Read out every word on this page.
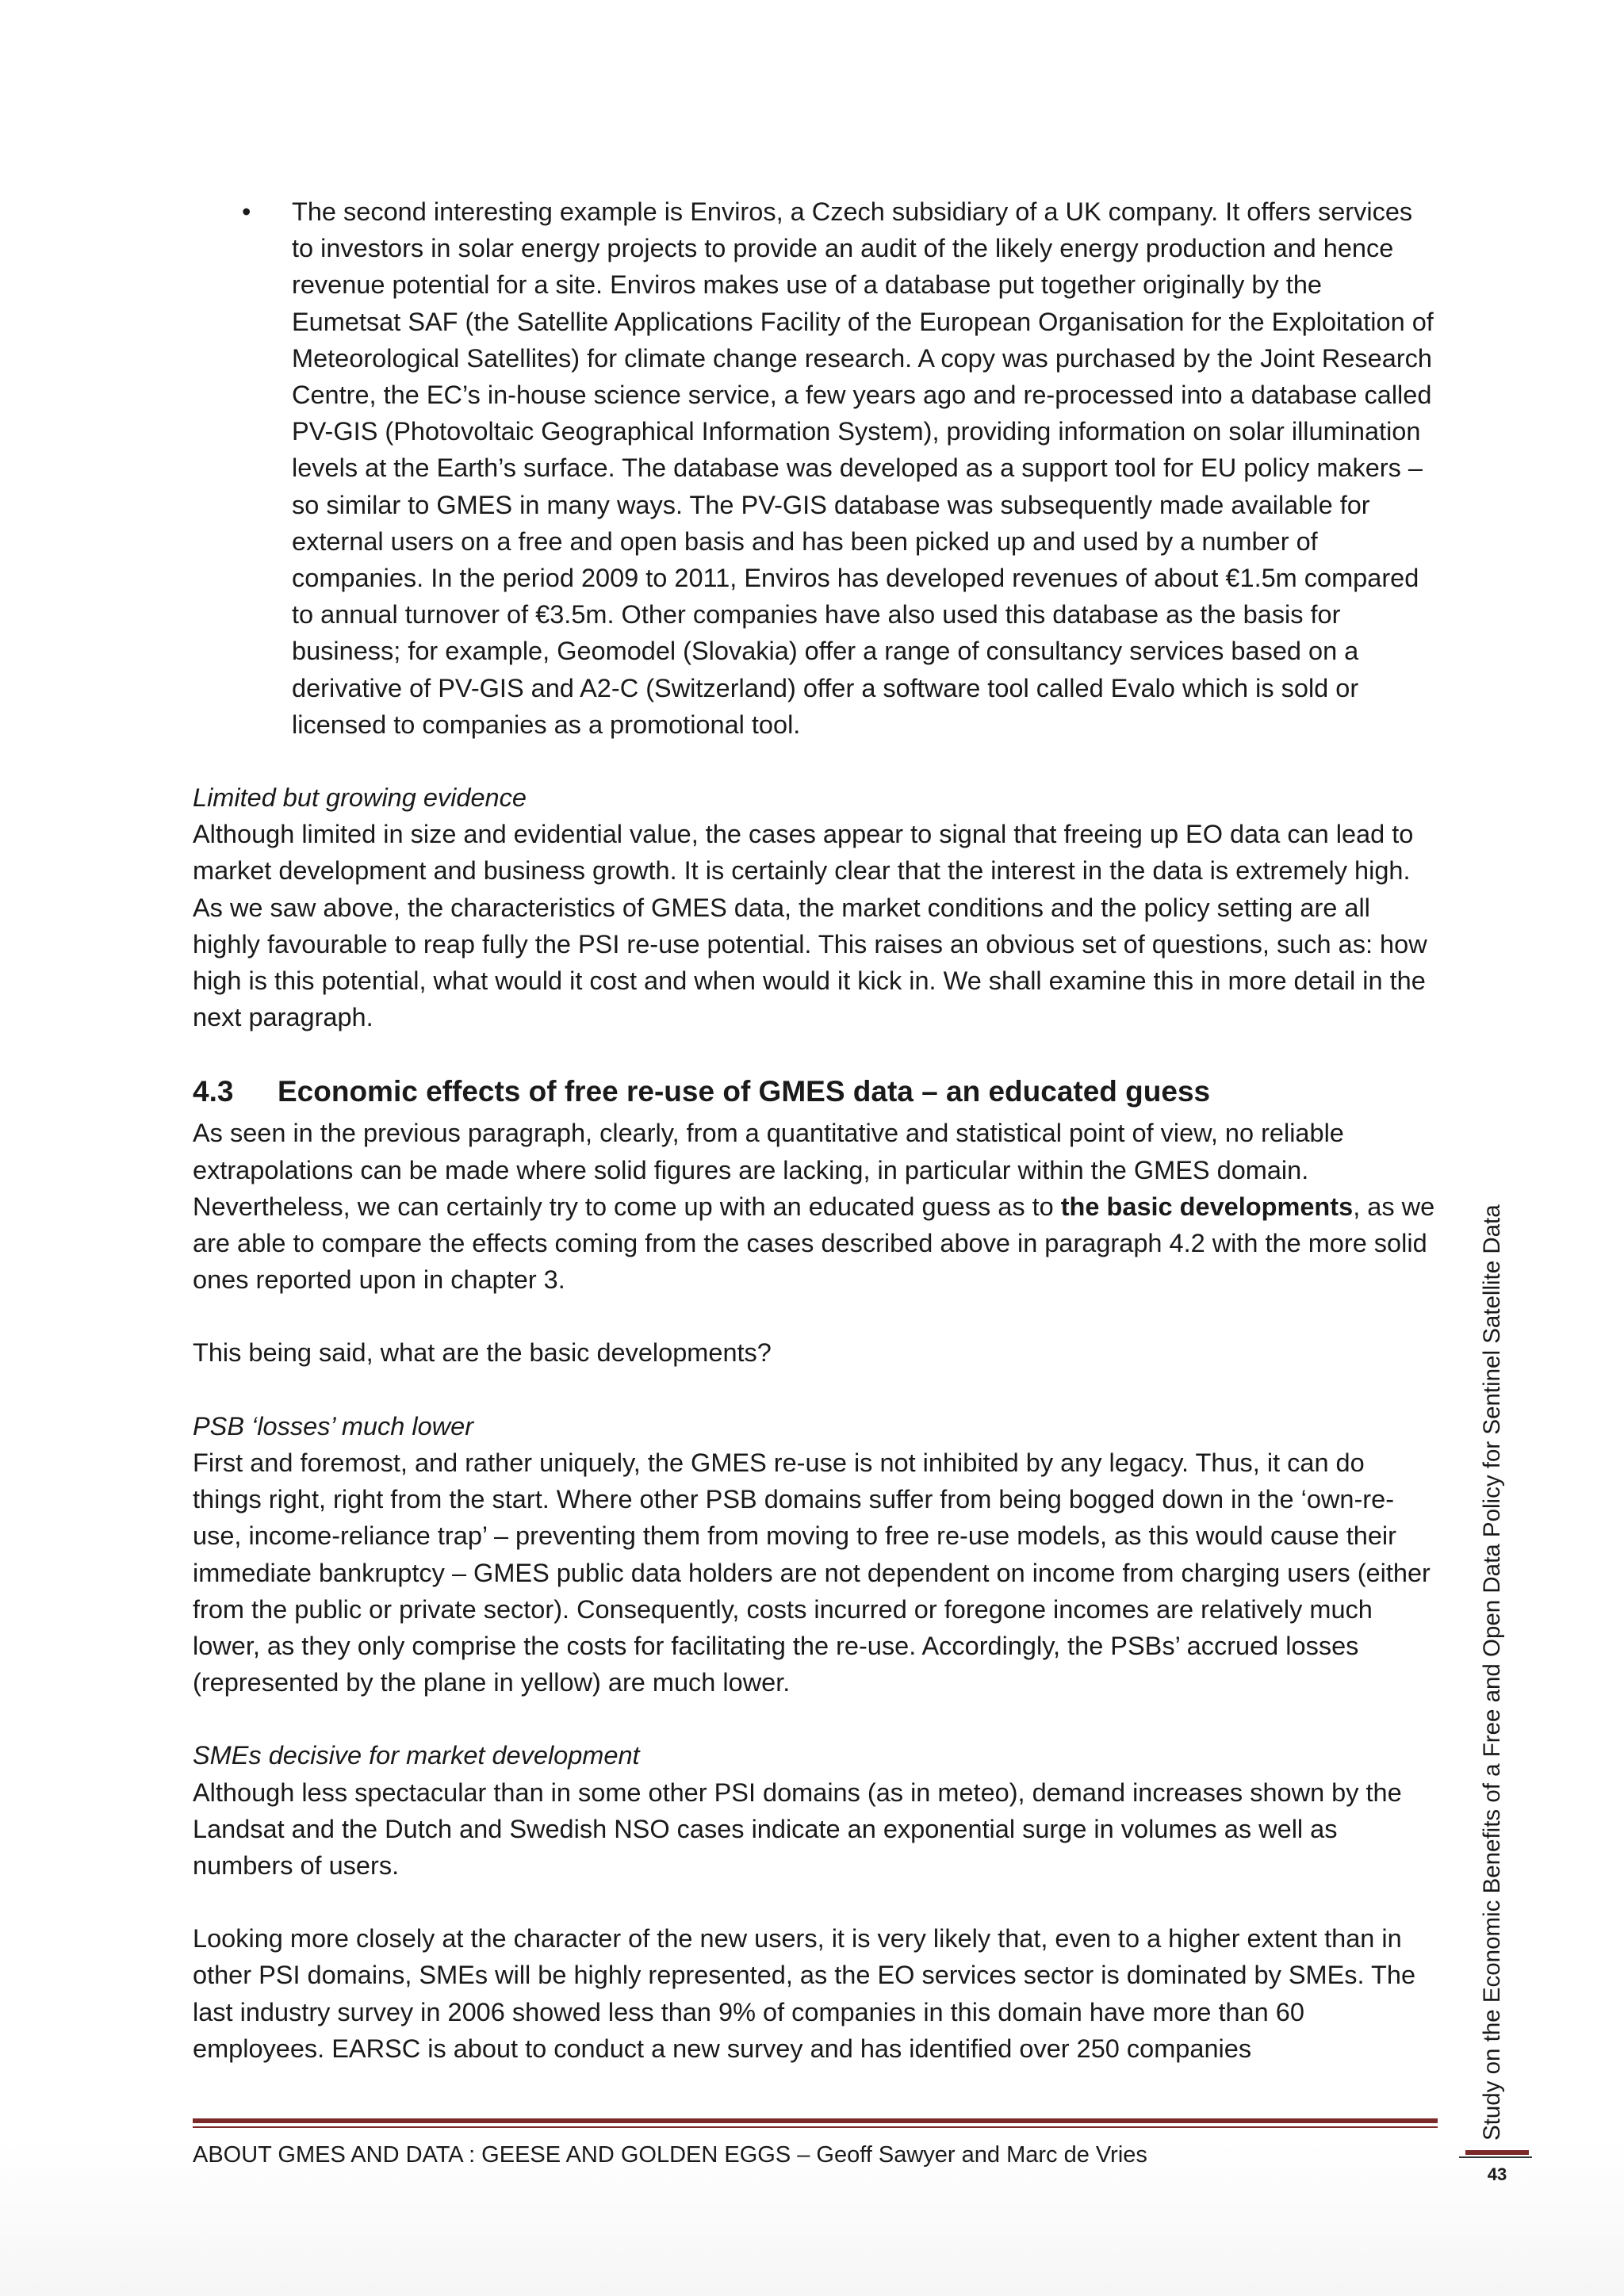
• The second interesting example is Enviros, a Czech subsidiary of a UK company. It offers services to investors in solar energy projects to provide an audit of the likely energy production and hence revenue potential for a site. Enviros makes use of a database put together originally by the Eumetsat SAF (the Satellite Applications Facility of the European Organisation for the Exploitation of Meteorological Satellites) for climate change research. A copy was purchased by the Joint Research Centre, the EC’s in-house science service, a few years ago and re-processed into a database called PV-GIS (Photovoltaic Geographical Information System), providing information on solar illumination levels at the Earth’s surface. The database was developed as a support tool for EU policy makers – so similar to GMES in many ways. The PV-GIS database was subsequently made available for external users on a free and open basis and has been picked up and used by a number of companies. In the period 2009 to 2011, Enviros has developed revenues of about €1.5m compared to annual turnover of €3.5m. Other companies have also used this database as the basis for business; for example, Geomodel (Slovakia) offer a range of consultancy services based on a derivative of PV-GIS and A2-C (Switzerland) offer a software tool called Evalo which is sold or licensed to companies as a promotional tool.

Limited but growing evidence

Although limited in size and evidential value, the cases appear to signal that freeing up EO data can lead to market development and business growth. It is certainly clear that the interest in the data is extremely high. As we saw above, the characteristics of GMES data, the market conditions and the policy setting are all highly favourable to reap fully the PSI re-use potential. This raises an obvious set of questions, such as: how high is this potential, what would it cost and when would it kick in. We shall examine this in more detail in the next paragraph.

4.3	Economic effects of free re-use of GMES data – an educated guess

As seen in the previous paragraph, clearly, from a quantitative and statistical point of view, no reliable extrapolations can be made where solid figures are lacking, in particular within the GMES domain. Nevertheless, we can certainly try to come up with an educated guess as to the basic developments, as we are able to compare the effects coming from the cases described above in paragraph 4.2 with the more solid ones reported upon in chapter 3.

This being said, what are the basic developments?

PSB ‘losses’ much lower

First and foremost, and rather uniquely, the GMES re-use is not inhibited by any legacy. Thus, it can do things right, right from the start. Where other PSB domains suffer from being bogged down in the ‘own-re-use, income-reliance trap’ – preventing them from moving to free re-use models, as this would cause their immediate bankruptcy – GMES public data holders are not dependent on income from charging users (either from the public or private sector). Consequently, costs incurred or foregone incomes are relatively much lower, as they only comprise the costs for facilitating the re-use. Accordingly, the PSBs’ accrued losses (represented by the plane in yellow) are much lower.

SMEs decisive for market development

Although less spectacular than in some other PSI domains (as in meteo), demand increases shown by the Landsat and the Dutch and Swedish NSO cases indicate an exponential surge in volumes as well as numbers of users.

Looking more closely at the character of the new users, it is very likely that, even to a higher extent than in other PSI domains, SMEs will be highly represented, as the EO services sector is dominated by SMEs. The last industry survey in 2006 showed less than 9% of companies in this domain have more than 60 employees. EARSC is about to conduct a new survey and has identified over 250 companies

ABOUT GMES AND DATA : GEESE AND GOLDEN EGGS – Geoff Sawyer and Marc de Vries
Study on the Economic Benefits of a Free and Open Data Policy for Sentinel Satellite Data
43
